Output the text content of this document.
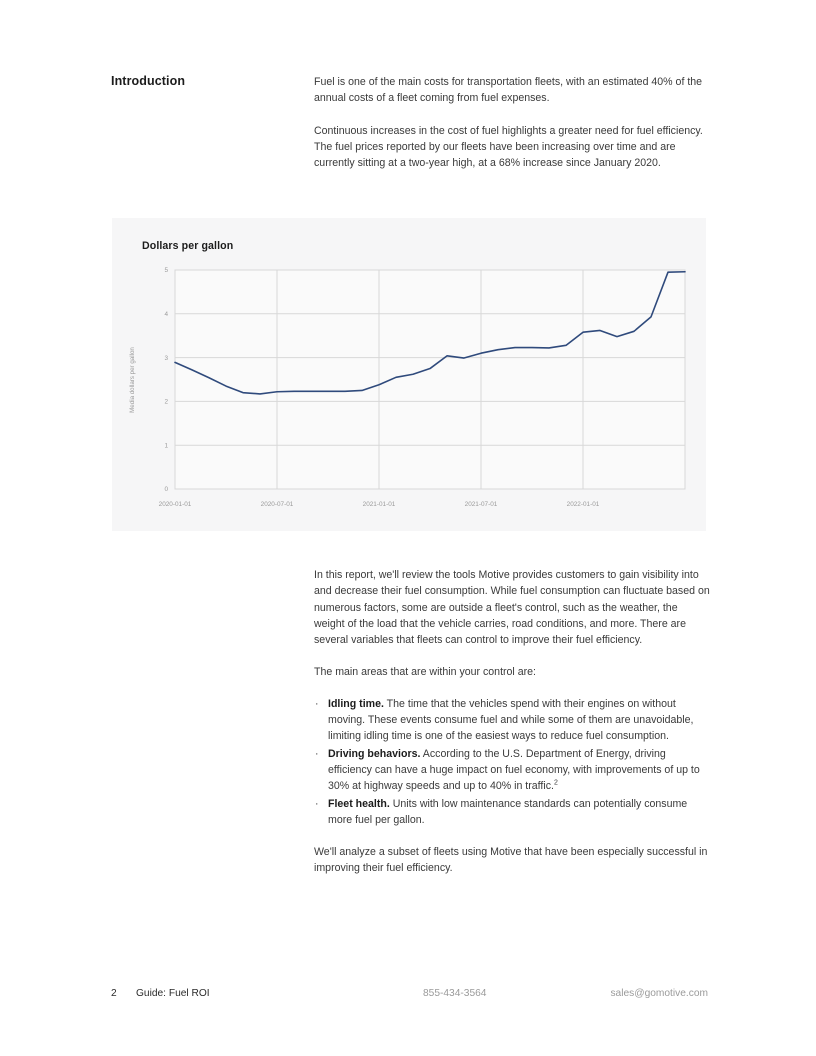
Introduction	Fuel is one of the main costs for transportation fleets, with an estimated 40% of the annual costs of a fleet coming from fuel expenses.

Continuous increases in the cost of fuel highlights a greater need for fuel efficiency. The fuel prices reported by our fleets have been increasing over time and are currently sitting at a two-year high, at a 68% increase since January 2020.

Dollars per gallon
0
1
2
3
4
5
2020-01-01	2020-07-01	2021-01-01	2021-07-01	2022-01-01
Media dollars per gallon

In this report, we'll review the tools Motive provides customers to gain visibility into and decrease their fuel consumption. While fuel consumption can fluctuate based on numerous factors, some are outside a fleet's control, such as the weather, the weight of the load that the vehicle carries, road conditions, and more. There are several variables that fleets can control to improve their fuel efficiency.

The main areas that are within your control are:

· Idling time. The time that the vehicles spend with their engines on without moving. These events consume fuel and while some of them are unavoidable, limiting idling time is one of the easiest ways to reduce fuel consumption.
· Driving behaviors. According to the U.S. Department of Energy, driving efficiency can have a huge impact on fuel economy, with improvements of up to 30% at highway speeds and up to 40% in traffic.$^2$
· Fleet health. Units with low maintenance standards can potentially consume more fuel per gallon.

We'll analyze a subset of fleets using Motive that have been especially successful in improving their fuel efficiency.

2 Guide: Fuel ROI	855-434-3564	sales@gomotive.com
